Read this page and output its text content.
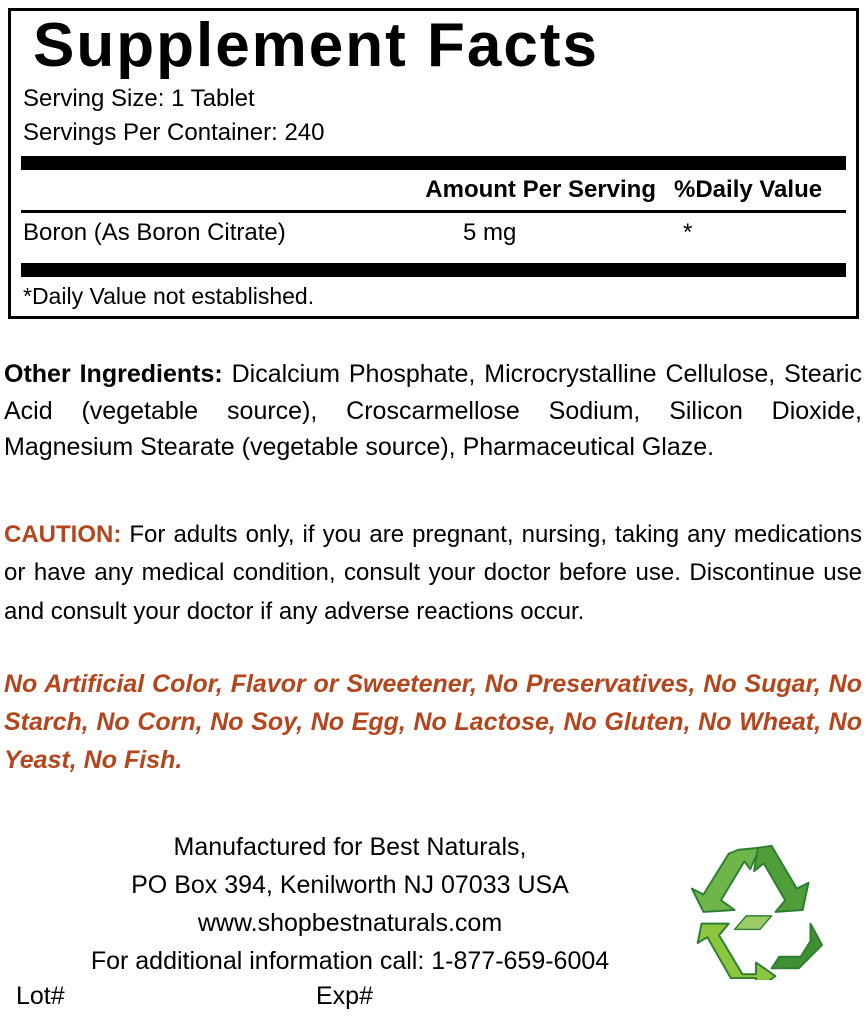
Supplement Facts
Serving Size: 1 Tablet
Servings Per Container: 240
Amount Per Serving %Daily Value
Boron (As Boron Citrate)	5 mg	*
*Daily Value not established.
Other Ingredients: Dicalcium Phosphate, Microcrystalline Cellulose, Stearic Acid (vegetable source), Croscarmellose Sodium, Silicon Dioxide, Magnesium Stearate (vegetable source), Pharmaceutical Glaze.
CAUTION: For adults only, if you are pregnant, nursing, taking any medications or have any medical condition, consult your doctor before use. Discontinue use and consult your doctor if any adverse reactions occur.
No Artificial Color, Flavor or Sweetener, No Preservatives, No Sugar, No Starch, No Corn, No Soy, No Egg, No Lactose, No Gluten, No Wheat, No Yeast, No Fish.
Manufactured for Best Naturals,
PO Box 394, Kenilworth NJ 07033 USA
www.shopbestnaturals.com
For additional information call: 1-877-659-6004
Lot#	Exp#
